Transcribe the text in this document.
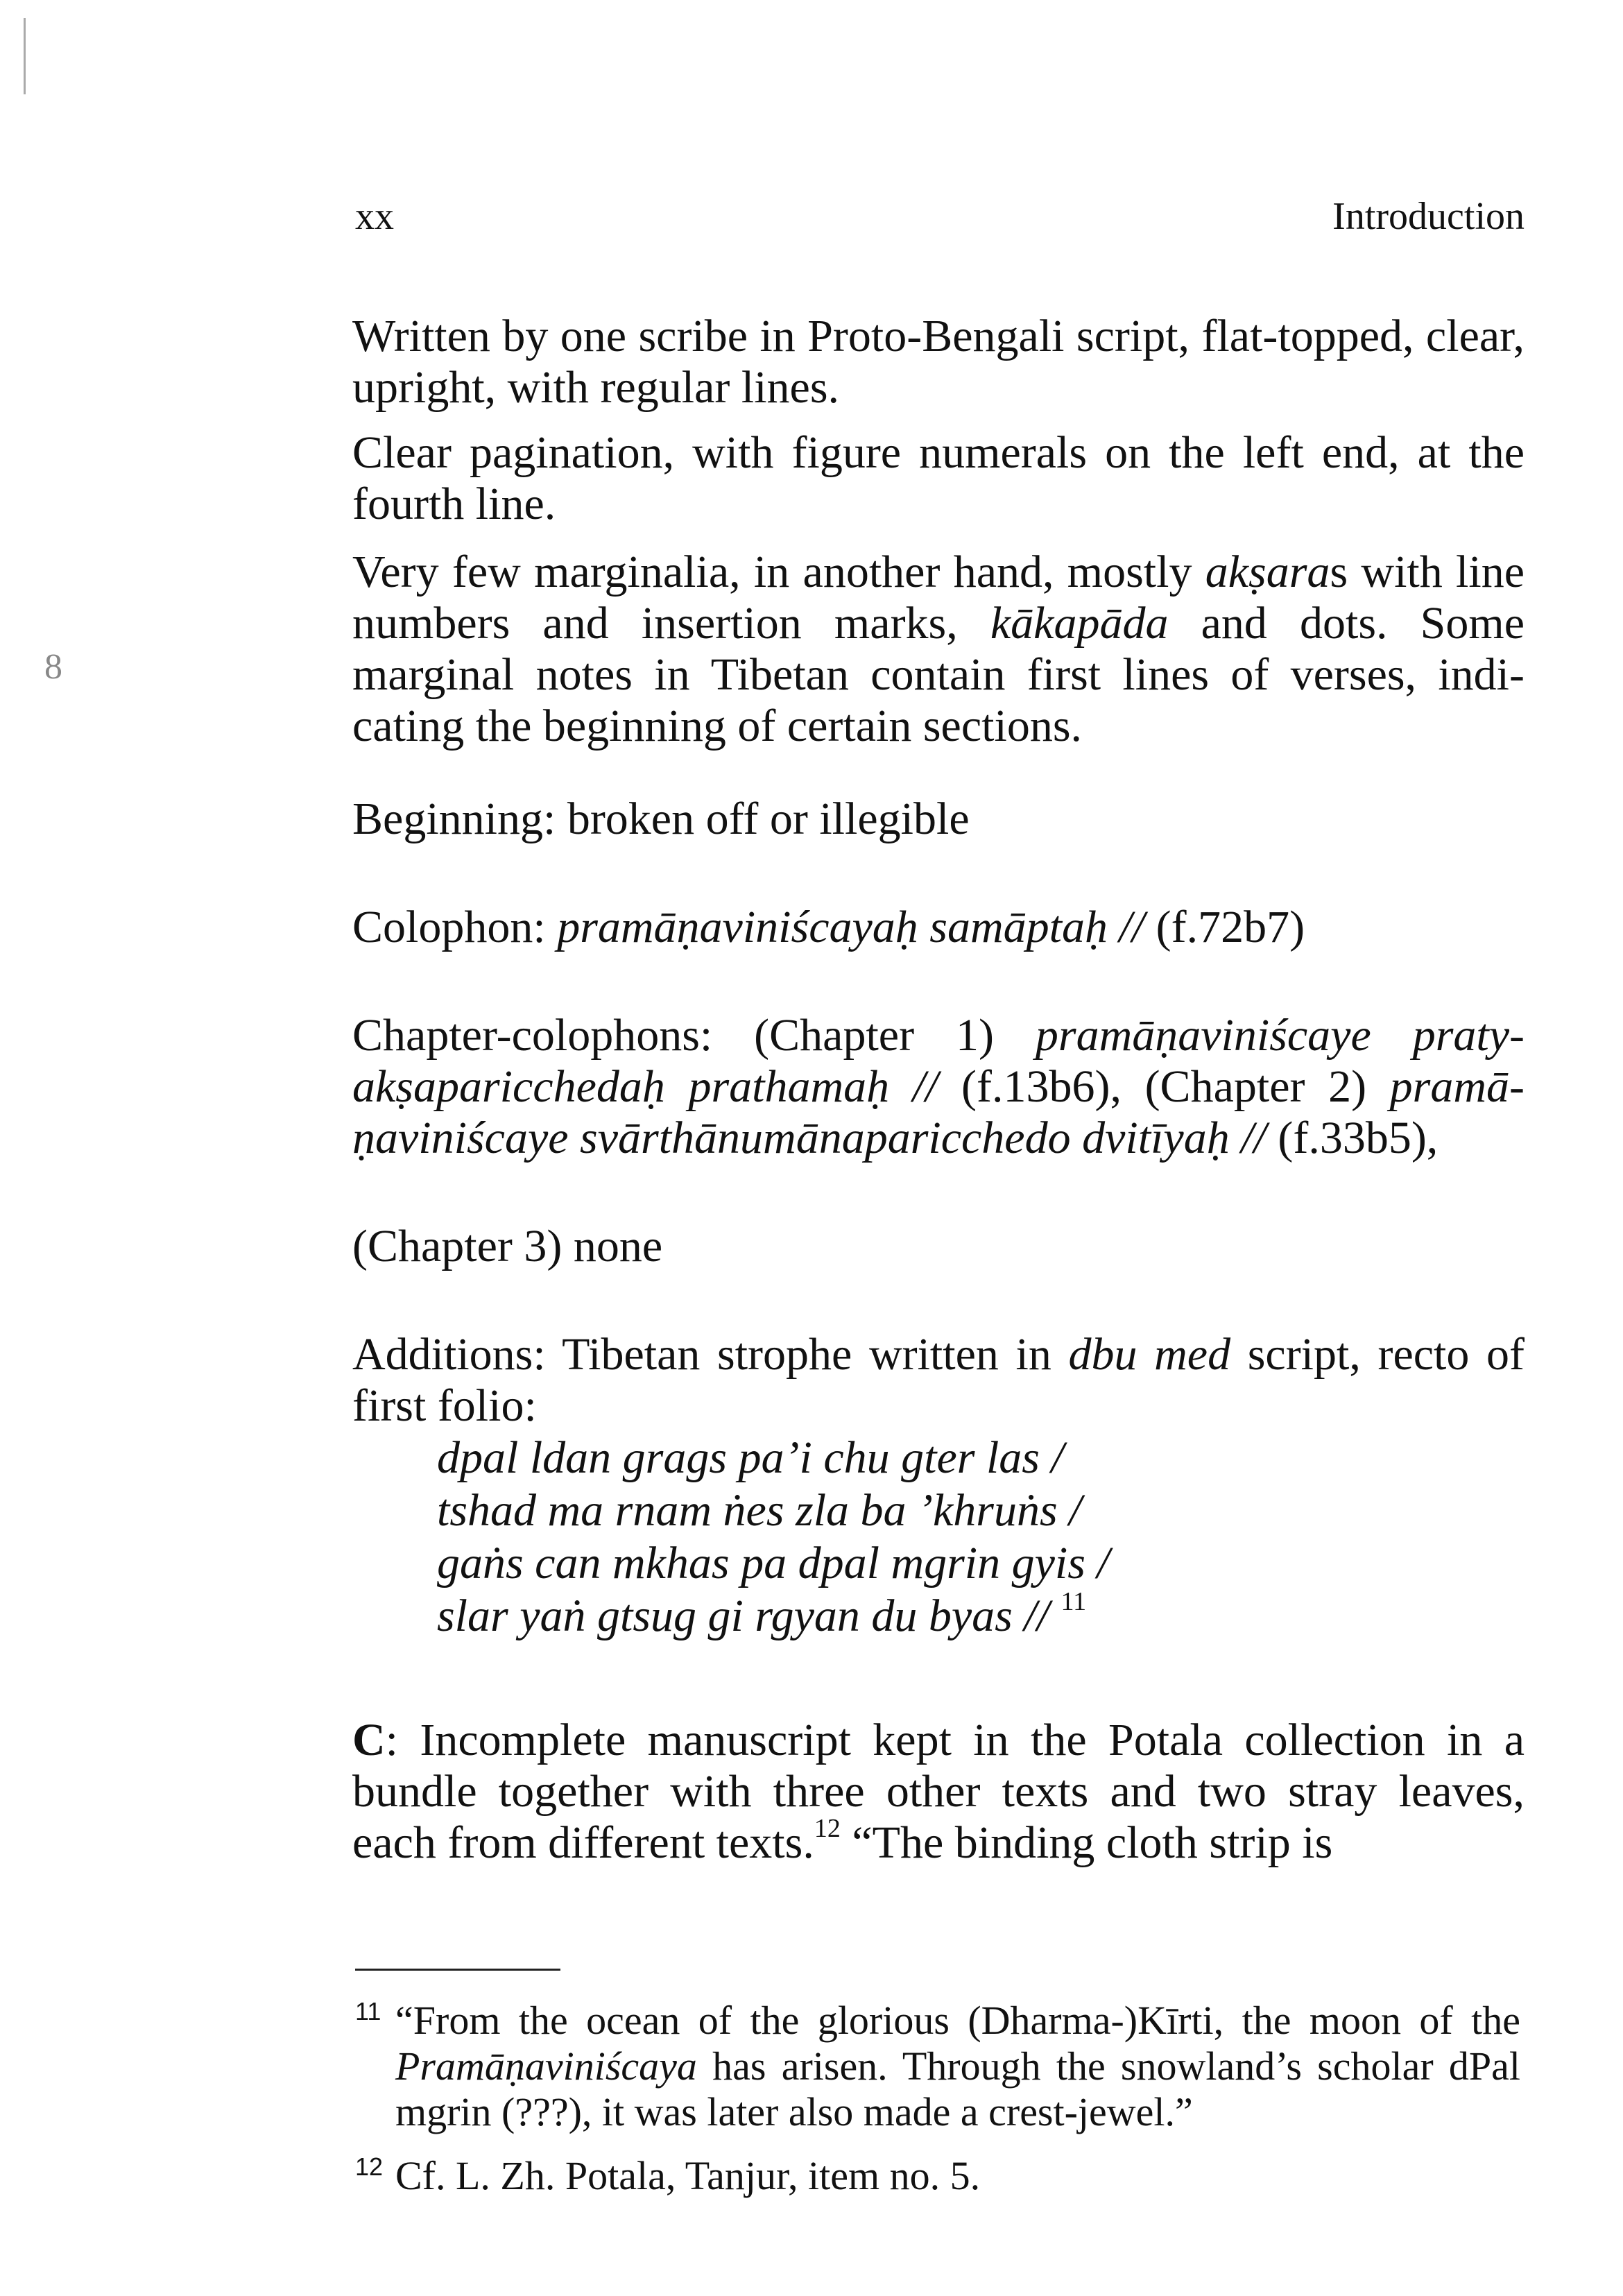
8
xx	Introduction

Written by one scribe in Proto-Bengali script, flat-topped, clear, upright, with regular lines.

Clear pagination, with figure numerals on the left end, at the fourth line.

Very few marginalia, in another hand, mostly akṣaras with line numbers and insertion marks, kākapāda and dots. Some marginal notes in Tibetan contain first lines of verses, indicating the beginning of certain sections.

Beginning: broken off or illegible

Colophon: pramāṇaviniścayaḥ samāptaḥ // (f.72b7)

Chapter-colophons: (Chapter 1) pramāṇaviniścaye pratyakṣaparicchedaḥ prathamaḥ // (f.13b6), (Chapter 2) pramāṇaviniścaye svārthānumānaparicchedo dvitīyaḥ // (f.33b5),

(Chapter 3) none

Additions: Tibetan strophe written in dbu med script, recto of first folio:

dpal ldan grags pa’i chu gter las /
tshad ma rnam ṅes zla ba ’khruṅs /
gaṅs can mkhas pa dpal mgrin gyis /
slar yaṅ gtsug gi rgyan du byas // $^{11}$

C: Incomplete manuscript kept in the Potala collection in a bundle together with three other texts and two stray leaves, each from different texts.$^{12}$ “The binding cloth strip is

11 “From the ocean of the glorious (Dharma-)Kīrti, the moon of the Pramāṇaviniścaya has arisen. Through the snowland’s scholar dPal mgrin (???), it was later also made a crest-jewel.”
12 Cf. L. Zh. Potala, Tanjur, item no. 5.
